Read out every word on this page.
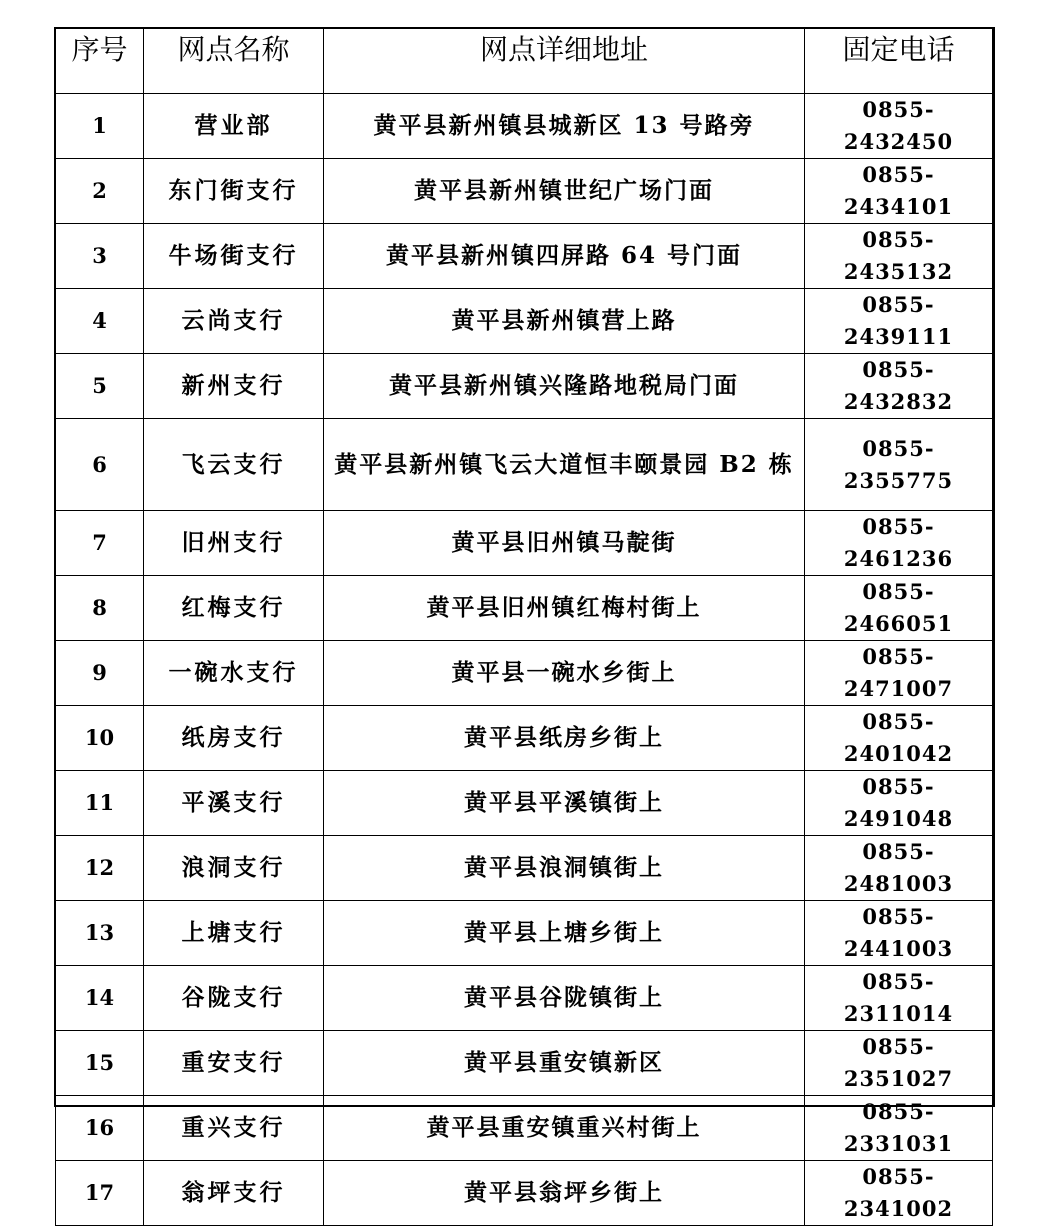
序号	网点名称	网点详细地址	固定电话
1	营业部	黄平县新州镇县城新区 13 号路旁	0855-2432450
2	东门街支行	黄平县新州镇世纪广场门面	0855-2434101
3	牛场街支行	黄平县新州镇四屏路 64 号门面	0855-2435132
4	云尚支行	黄平县新州镇营上路	0855-2439111
5	新州支行	黄平县新州镇兴隆路地税局门面	0855-2432832
6	飞云支行	黄平县新州镇飞云大道恒丰颐景园 B2 栋	0855-2355775
7	旧州支行	黄平县旧州镇马靛街	0855-2461236
8	红梅支行	黄平县旧州镇红梅村街上	0855-2466051
9	一碗水支行	黄平县一碗水乡街上	0855-2471007
10	纸房支行	黄平县纸房乡街上	0855-2401042
11	平溪支行	黄平县平溪镇街上	0855-2491048
12	浪洞支行	黄平县浪洞镇街上	0855-2481003
13	上塘支行	黄平县上塘乡街上	0855-2441003
14	谷陇支行	黄平县谷陇镇街上	0855-2311014
15	重安支行	黄平县重安镇新区	0855-2351027
16	重兴支行	黄平县重安镇重兴村街上	0855-2331031
17	翁坪支行	黄平县翁坪乡街上	0855-2341002
